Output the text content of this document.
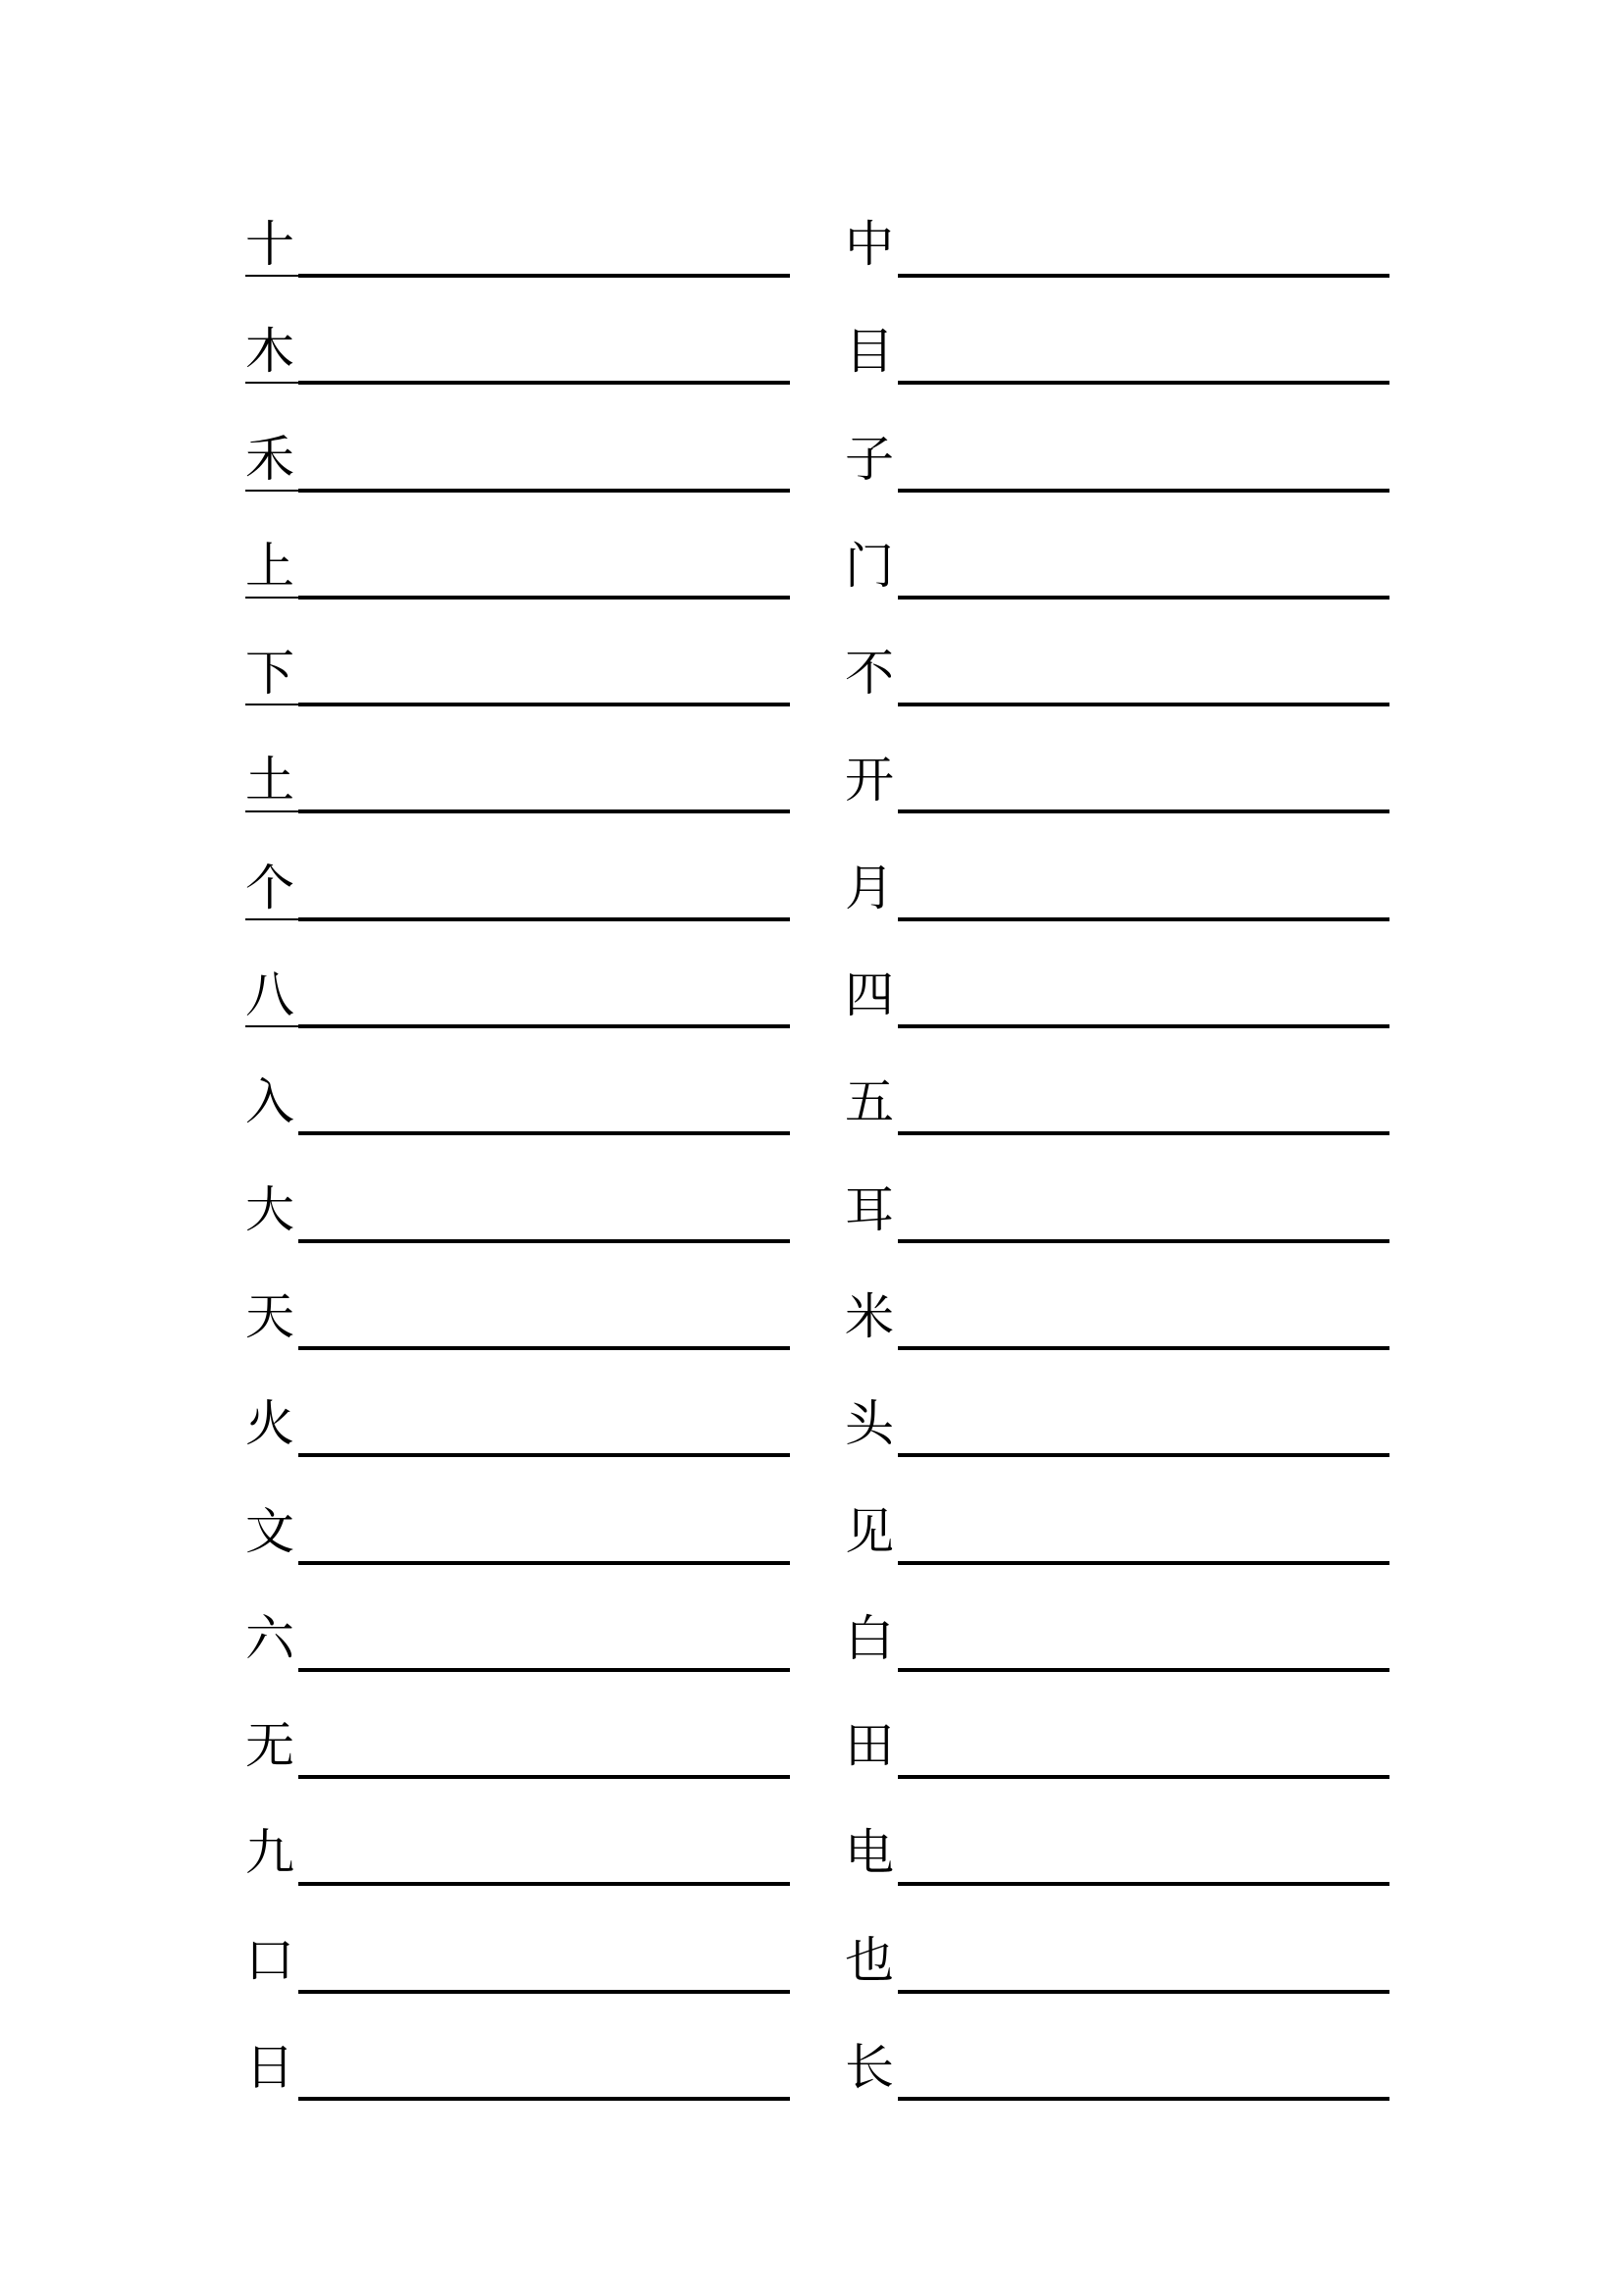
十
木
禾
上
下
土
个
八
入
大
天
火
文
六
无
九
口
日
中
目
子
门
不
开
月
四
五
耳
米
头
见
白
田
电
也
长
